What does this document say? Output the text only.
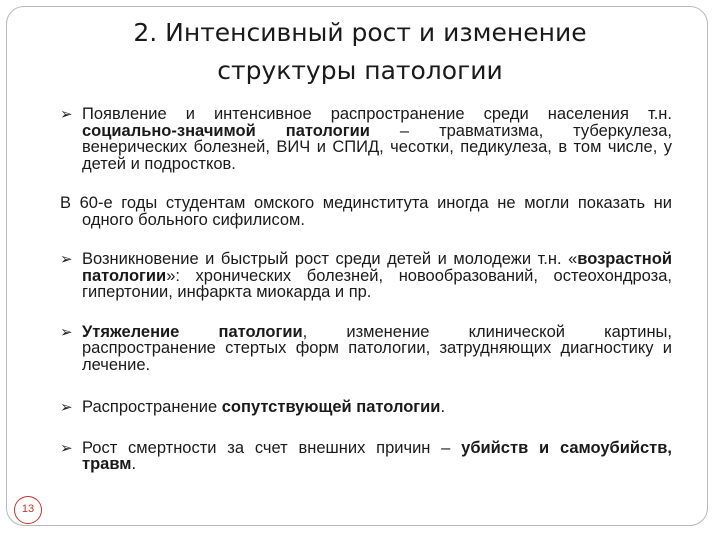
2. Интенсивный рост и изменение
структуры патологии
➢ Появление и интенсивное распространение среди населения т.н. социально-значимой патологии – травматизма, туберкулеза, венерических болезней, ВИЧ и СПИД, чесотки, педикулеза, в том числе, у детей и подростков.
В 60-е годы студентам омского мединститута иногда не могли показать ни одного больного сифилисом.
➢ Возникновение и быстрый рост среди детей и молодежи т.н. «возрастной патологии»: хронических болезней, новообразований, остеохондроза, гипертонии, инфаркта миокарда и пр.
➢ Утяжеление патологии, изменение клинической картины, распространение стертых форм патологии, затрудняющих диагностику и лечение.
➢ Распространение сопутствующей патологии.
➢ Рост смертности за счет внешних причин – убийств и самоубийств, травм.
13
